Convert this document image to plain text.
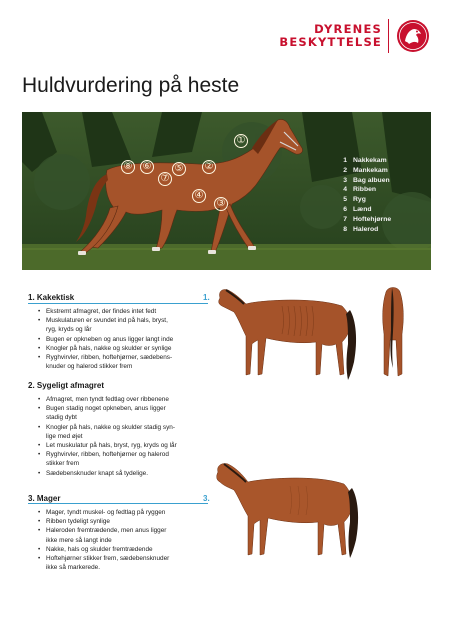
DYRENES
BESKYTTELSE
Huldvurdering på heste
①
②
③
④
⑤
⑥
⑦
⑧
1 Nakkekam
2 Mankekam
3 Bag albuen
4 Ribben
5 Ryg
6 Lænd
7 Hoftehjørne
8 Halerod
1. Kakektisk
• Ekstremt afmagret, der findes intet fedt
• Muskulaturen er svundet ind på hals, bryst,
ryg, kryds og lår
• Bugen er opkneben og anus ligger langt inde
• Knogler på hals, nakke og skulder er synlige
• Ryghvirvler, ribben, hoftehjørner, sædebens-
knuder og halerod stikker frem
1.
2. Sygeligt afmagret
• Afmagret, men tyndt fedtlag over ribbenene
• Bugen stadig noget opkneben, anus ligger
stadig dybt
• Knogler på hals, nakke og skulder stadig syn-
lige med øjet
• Let muskulatur på hals, bryst, ryg, kryds og lår
• Ryghvirvler, ribben, hoftehjørner og halerod
stikker frem
• Sædebensknuder knapt så tydelige.
3. Mager
• Mager, tyndt muskel- og fedtlag på ryggen
• Ribben tydeligt synlige
• Haleroden fremtrædende, men anus ligger
ikke mere så langt inde
• Nakke, hals og skulder fremtrædende
• Hoftehjørner stikker frem, sædebensknuder
ikke så markerede.
3.
